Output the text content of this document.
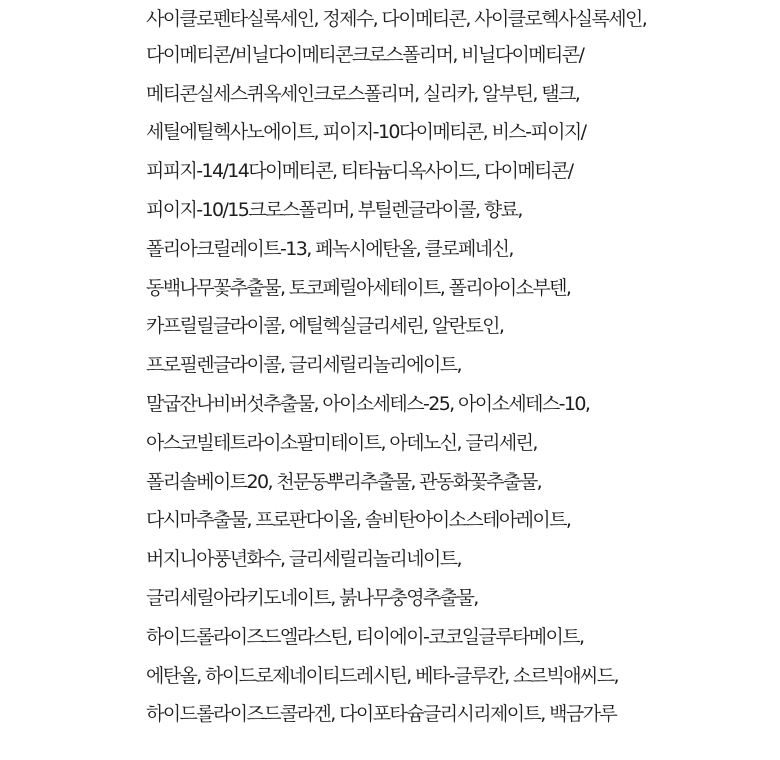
사이클로펜타실록세인, 정제수, 다이메티콘, 사이클로헥사실록세인,
다이메티콘/비닐다이메티콘크로스폴리머, 비닐다이메티콘/
메티콘실세스퀴옥세인크로스폴리머, 실리카, 알부틴, 탤크,
세틸에틸헥사노에이트, 피이지-10다이메티콘, 비스-피이지/
피피지-14/14다이메티콘, 티타늄디옥사이드, 다이메티콘/
피이지-10/15크로스폴리머, 부틸렌글라이콜, 향료,
폴리아크릴레이트-13, 페녹시에탄올, 클로페네신,
동백나무꽃추출물, 토코페릴아세테이트, 폴리아이소부텐,
카프릴릴글라이콜, 에틸헥실글리세린, 알란토인,
프로필렌글라이콜, 글리세릴리놀리에이트,
말굽잔나비버섯추출물, 아이소세테스-25, 아이소세테스-10,
아스코빌테트라이소팔미테이트, 아데노신, 글리세린,
폴리솔베이트20, 천문동뿌리추출물, 관동화꽃추출물,
다시마추출물, 프로판다이올, 솔비탄아이소스테아레이트,
버지니아풍년화수, 글리세릴리놀리네이트,
글리세릴아라키도네이트, 붉나무충영추출물,
하이드롤라이즈드엘라스틴, 티이에이-코코일글루타메이트,
에탄올, 하이드로제네이티드레시틴, 베타-글루칸, 소르빅애씨드,
하이드롤라이즈드콜라겐, 다이포타슘글리시리제이트, 백금가루
